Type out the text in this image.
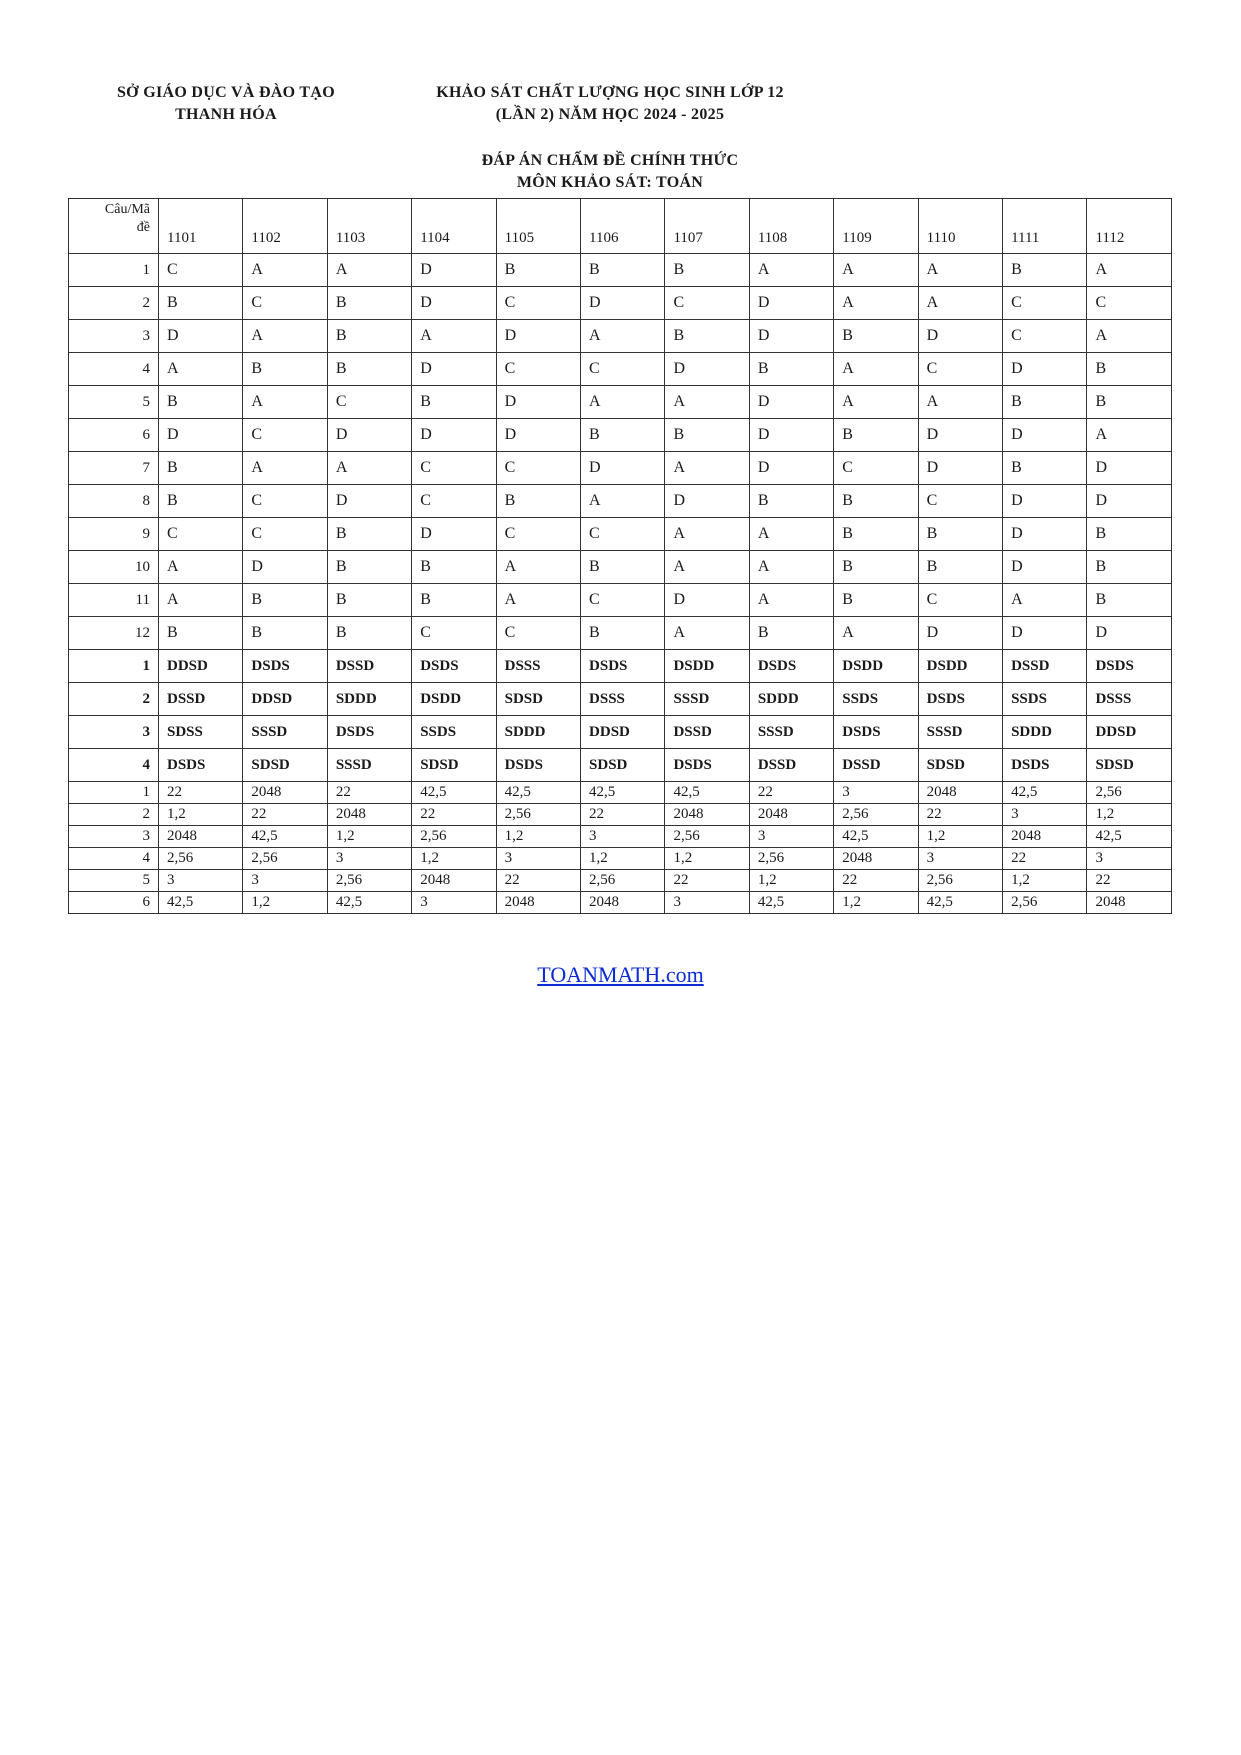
SỞ GIÁO DỤC VÀ ĐÀO TẠO
THANH HÓA
KHẢO SÁT CHẤT LƯỢNG HỌC SINH LỚP 12
(LẦN 2) NĂM HỌC 2024 - 2025
ĐÁP ÁN CHẤM ĐỀ CHÍNH THỨC
MÔN KHẢO SÁT: TOÁN
Câu/Mã
đề	1101	1102	1103	1104	1105	1106	1107	1108	1109	1110	1111	1112
1	C	A	A	D	B	B	B	A	A	A	B	A
2	B	C	B	D	C	D	C	D	A	A	C	C
3	D	A	B	A	D	A	B	D	B	D	C	A
4	A	B	B	D	C	C	D	B	A	C	D	B
5	B	A	C	B	D	A	A	D	A	A	B	B
6	D	C	D	D	D	B	B	D	B	D	D	A
7	B	A	A	C	C	D	A	D	C	D	B	D
8	B	C	D	C	B	A	D	B	B	C	D	D
9	C	C	B	D	C	C	A	A	B	B	D	B
10	A	D	B	B	A	B	A	A	B	B	D	B
11	A	B	B	B	A	C	D	A	B	C	A	B
12	B	B	B	C	C	B	A	B	A	D	D	D
1	DDSD	DSDS	DSSD	DSDS	DSSS	DSDS	DSDD	DSDS	DSDD	DSDD	DSSD	DSDS
2	DSSD	DDSD	SDDD	DSDD	SDSD	DSSS	SSSD	SDDD	SSDS	DSDS	SSDS	DSSS
3	SDSS	SSSD	DSDS	SSDS	SDDD	DDSD	DSSD	SSSD	DSDS	SSSD	SDDD	DDSD
4	DSDS	SDSD	SSSD	SDSD	DSDS	SDSD	DSDS	DSSD	DSSD	SDSD	DSDS	SDSD
1	22	2048	22	42,5	42,5	42,5	42,5	22	3	2048	42,5	2,56
2	1,2	22	2048	22	2,56	22	2048	2048	2,56	22	3	1,2
3	2048	42,5	1,2	2,56	1,2	3	2,56	3	42,5	1,2	2048	42,5
4	2,56	2,56	3	1,2	3	1,2	1,2	2,56	2048	3	22	3
5	3	3	2,56	2048	22	2,56	22	1,2	22	2,56	1,2	22
6	42,5	1,2	42,5	3	2048	2048	3	42,5	1,2	42,5	2,56	2048
TOANMATH.com
